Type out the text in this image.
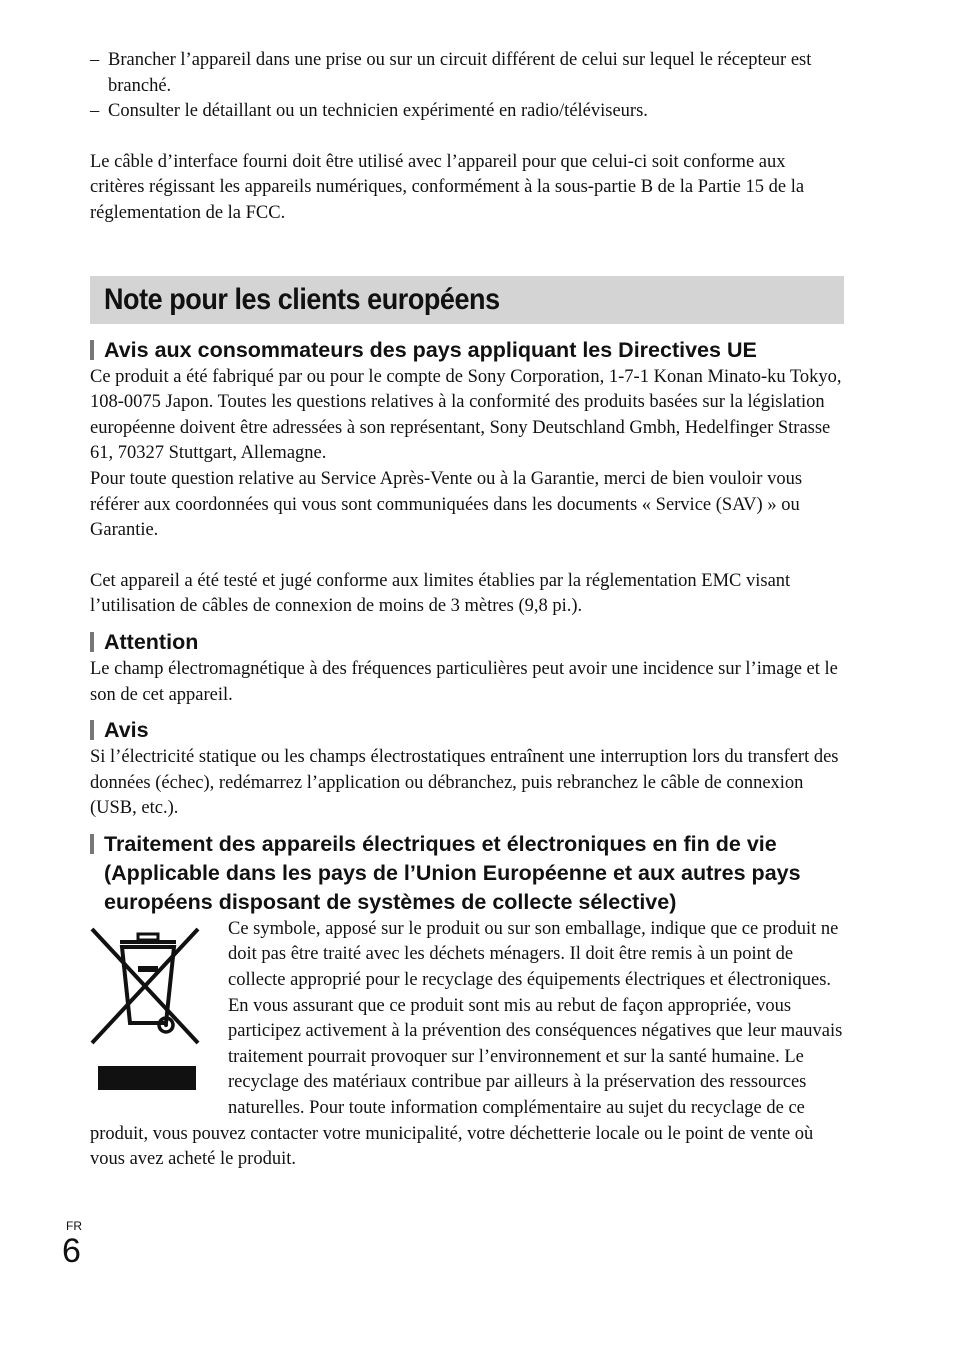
– Brancher l’appareil dans une prise ou sur un circuit différent de celui sur lequel le récepteur est branché.
– Consulter le détaillant ou un technicien expérimenté en radio/téléviseurs.

Le câble d’interface fourni doit être utilisé avec l’appareil pour que celui-ci soit conforme aux critères régissant les appareils numériques, conformément à la sous-partie B de la Partie 15 de la réglementation de la FCC.

Note pour les clients européens
Avis aux consommateurs des pays appliquant les Directives UE

Ce produit a été fabriqué par ou pour le compte de Sony Corporation, 1-7-1 Konan Minato-ku Tokyo, 108-0075 Japon. Toutes les questions relatives à la conformité des produits basées sur la législation européenne doivent être adressées à son représentant, Sony Deutschland Gmbh, Hedelfinger Strasse 61, 70327 Stuttgart, Allemagne.

Pour toute question relative au Service Après-Vente ou à la Garantie, merci de bien vouloir vous référer aux coordonnées qui vous sont communiquées dans les documents « Service (SAV) » ou Garantie.

Cet appareil a été testé et jugé conforme aux limites établies par la réglementation EMC visant l’utilisation de câbles de connexion de moins de 3 mètres (9,8 pi.).

Attention

Le champ électromagnétique à des fréquences particulières peut avoir une incidence sur l’image et le son de cet appareil.

Avis

Si l’électricité statique ou les champs électrostatiques entraînent une interruption lors du transfert des données (échec), redémarrez l’application ou débranchez, puis rebranchez le câble de connexion (USB, etc.).

Traitement des appareils électriques et électroniques en fin de vie (Applicable dans les pays de l’Union Européenne et aux autres pays européens disposant de systèmes de collecte sélective)

Ce symbole, apposé sur le produit ou sur son emballage, indique que ce produit ne doit pas être traité avec les déchets ménagers. Il doit être remis à un point de collecte approprié pour le recyclage des équipements électriques et électroniques. En vous assurant que ce produit sont mis au rebut de façon appropriée, vous participez activement à la prévention des conséquences négatives que leur mauvais traitement pourrait provoquer sur l’environnement et sur la santé humaine. Le recyclage des matériaux contribue par ailleurs à la préservation des ressources naturelles. Pour toute information complémentaire au sujet du recyclage de ce produit, vous pouvez contacter votre municipalité, votre déchetterie locale ou le point de vente où vous avez acheté le produit.

FR
6
